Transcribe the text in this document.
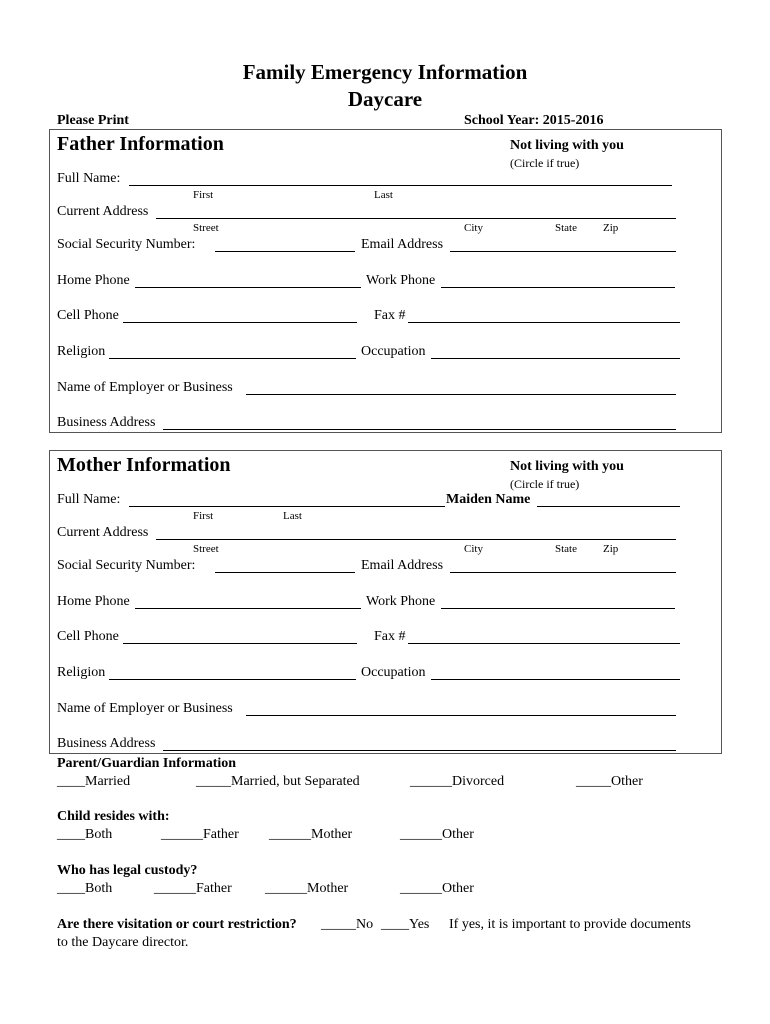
Family Emergency Information
Daycare
Please Print	School Year: 2015-2016
Father Information	Not living with you
(Circle if true)
Full Name:
First	Last
Current Address
Street	City	State Zip
Social Security Number:	Email Address
Home Phone	Work Phone
Cell Phone	Fax #
Religion	Occupation
Name of Employer or Business
Business Address
Mother Information	Not living with you
(Circle if true)
Full Name:	Maiden Name
First	Last
Current Address
Street	City	State Zip
Social Security Number:	Email Address
Home Phone	Work Phone
Cell Phone	Fax #
Religion	Occupation
Name of Employer or Business
Business Address
Parent/Guardian Information
____Married	_____Married, but Separated	______Divorced	_____Other
Child resides with:
____Both	______Father ______Mother	______Other
Who has legal custody?
____Both	______Father ______Mother	______Other
Are there visitation or court restriction? _____No ____Yes If yes, it is important to provide documents
to the Daycare director.
